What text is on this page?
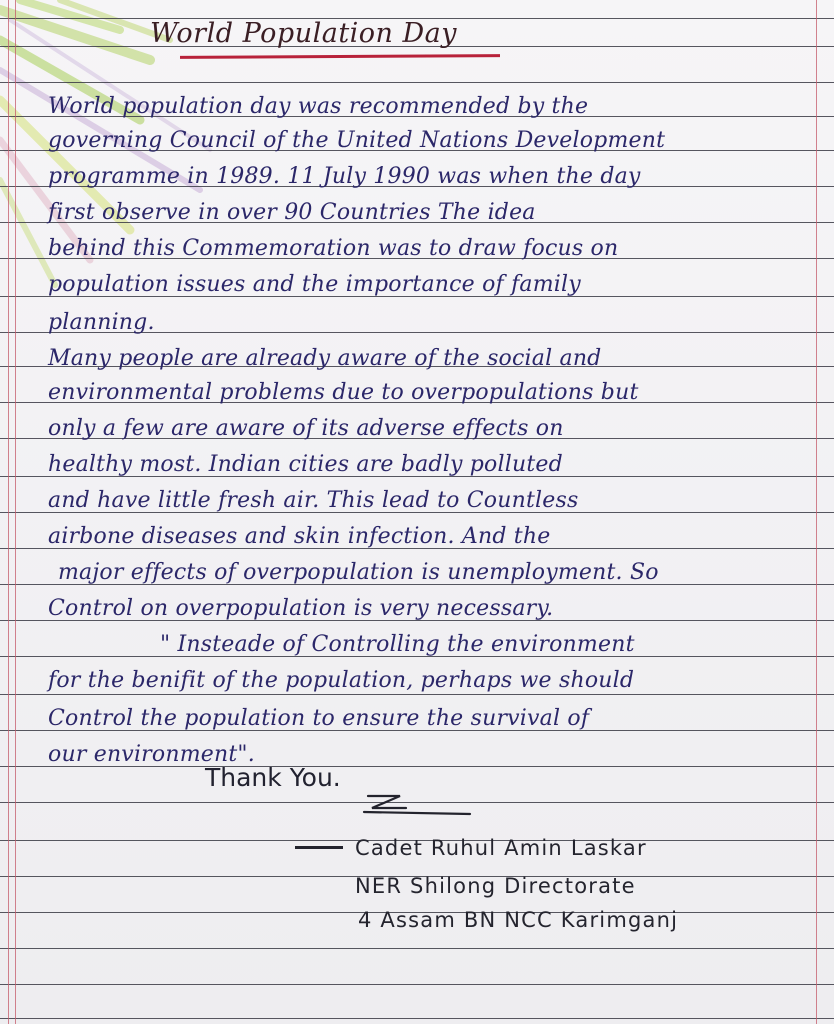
World Population Day
World population day was recommended by the
governing Council of the United Nations Development
programme in 1989. 11 July 1990 was when the day
first observe in over 90 Countries The idea
behind this Commemoration was to draw focus on
population issues and the importance of family
planning.
Many people are already aware of the social and
environmental problems due to overpopulations but
only a few are aware of its adverse effects on
healthy most. Indian cities are badly polluted
and have little fresh air. This lead to Countless
airbone diseases and skin infection. And the
major effects of overpopulation is unemployment. So
Control on overpopulation is very necessary.
" Insteade of Controlling the environment
for the benifit of the population, perhaps we should
Control the population to ensure the survival of
our environment".
Thank You.
Cadet Ruhul Amin Laskar
NER Shilong Directorate
4 Assam BN NCC Karimganj
